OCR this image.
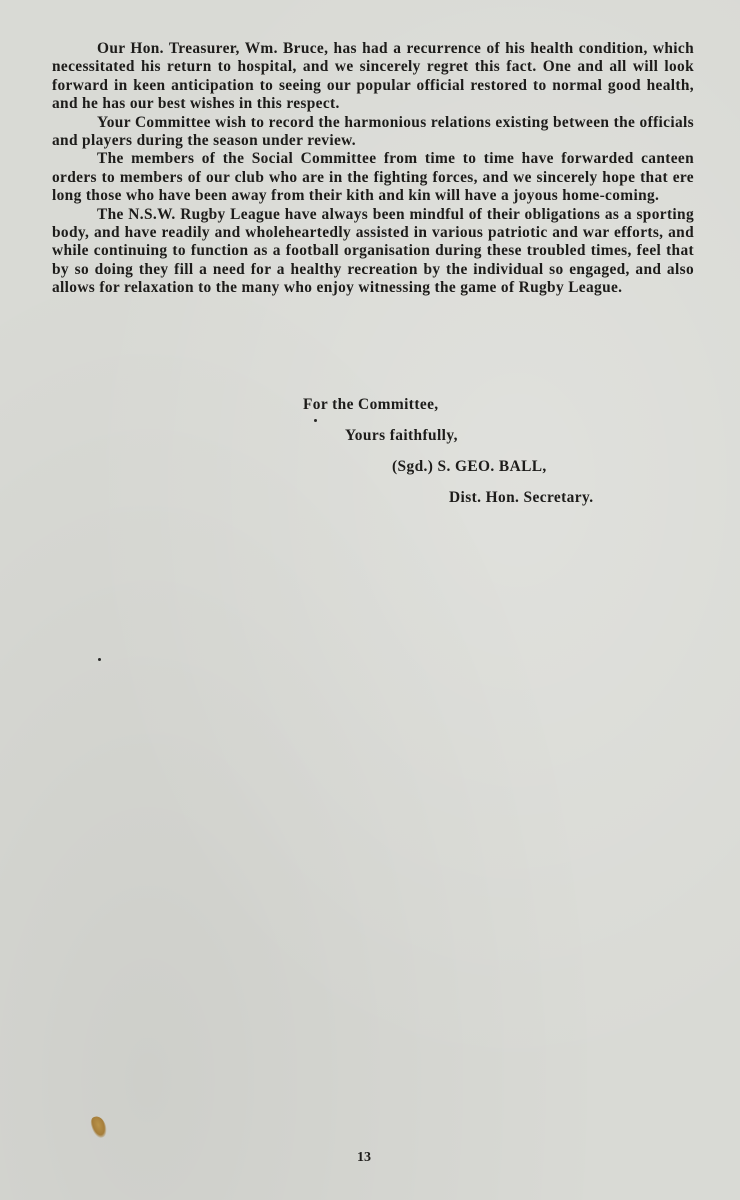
Our Hon. Treasurer, Wm. Bruce, has had a recurrence of his health condition, which necessitated his return to hospital, and we sincerely regret this fact. One and all will look forward in keen anticipation to seeing our popular official restored to normal good health, and he has our best wishes in this respect.

Your Committee wish to record the harmonious relations existing between the officials and players during the season under review.

The members of the Social Committee from time to time have forwarded canteen orders to members of our club who are in the fighting forces, and we sincerely hope that ere long those who have been away from their kith and kin will have a joyous home-coming.

The N.S.W. Rugby League have always been mindful of their obligations as a sporting body, and have readily and wholeheartedly assisted in various patriotic and war efforts, and while continuing to function as a football organisation during these troubled times, feel that by so doing they fill a need for a healthy recreation by the individual so engaged, and also allows for relaxation to the many who enjoy witnessing the game of Rugby League.

For the Committee,
Yours faithfully,
(Sgd.) S. GEO. BALL,
Dist. Hon. Secretary.
13
